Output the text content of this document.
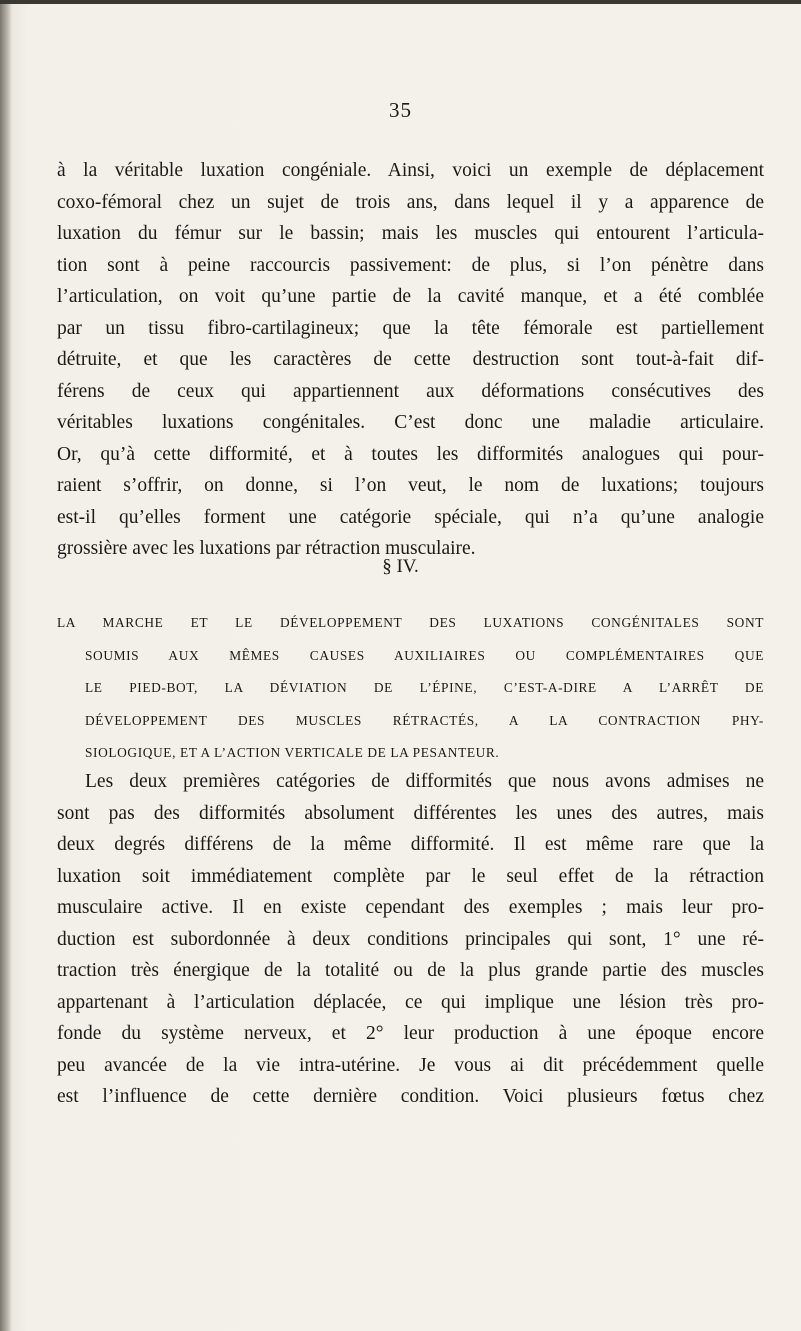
35
à la véritable luxation congéniale. Ainsi, voici un exemple de déplacement
coxo-fémoral chez un sujet de trois ans, dans lequel il y a apparence de
luxation du fémur sur le bassin; mais les muscles qui entourent l’articula-
tion sont à peine raccourcis passivement: de plus, si l’on pénètre dans
l’articulation, on voit qu’une partie de la cavité manque, et a été comblée
par un tissu fibro-cartilagineux; que la tête fémorale est partiellement
détruite, et que les caractères de cette destruction sont tout-à-fait dif-
férens de ceux qui appartiennent aux déformations consécutives des
véritables luxations congénitales. C’est donc une maladie articulaire.
Or, qu’à cette difformité, et à toutes les difformités analogues qui pour-
raient s’offrir, on donne, si l’on veut, le nom de luxations; toujours
est-il qu’elles forment une catégorie spéciale, qui n’a qu’une analogie
grossière avec les luxations par rétraction musculaire.
§ IV.
LA MARCHE ET LE DÉVELOPPEMENT DES LUXATIONS CONGÉNITALES SONT
SOUMIS AUX MÊMES CAUSES AUXILIAIRES OU COMPLÉMENTAIRES QUE
LE PIED-BOT, LA DÉVIATION DE L’ÉPINE, C’EST-A-DIRE A L’ARRÊT DE
DÉVELOPPEMENT DES MUSCLES RÉTRACTÉS, A LA CONTRACTION PHY-
SIOLOGIQUE, ET A L’ACTION VERTICALE DE LA PESANTEUR.
Les deux premières catégories de difformités que nous avons admises ne
sont pas des difformités absolument différentes les unes des autres, mais
deux degrés différens de la même difformité. Il est même rare que la
luxation soit immédiatement complète par le seul effet de la rétraction
musculaire active. Il en existe cependant des exemples ; mais leur pro-
duction est subordonnée à deux conditions principales qui sont, 1° une ré-
traction très énergique de la totalité ou de la plus grande partie des muscles
appartenant à l’articulation déplacée, ce qui implique une lésion très pro-
fonde du système nerveux, et 2° leur production à une époque encore
peu avancée de la vie intra-utérine. Je vous ai dit précédemment quelle
est l’influence de cette dernière condition. Voici plusieurs fœtus chez
